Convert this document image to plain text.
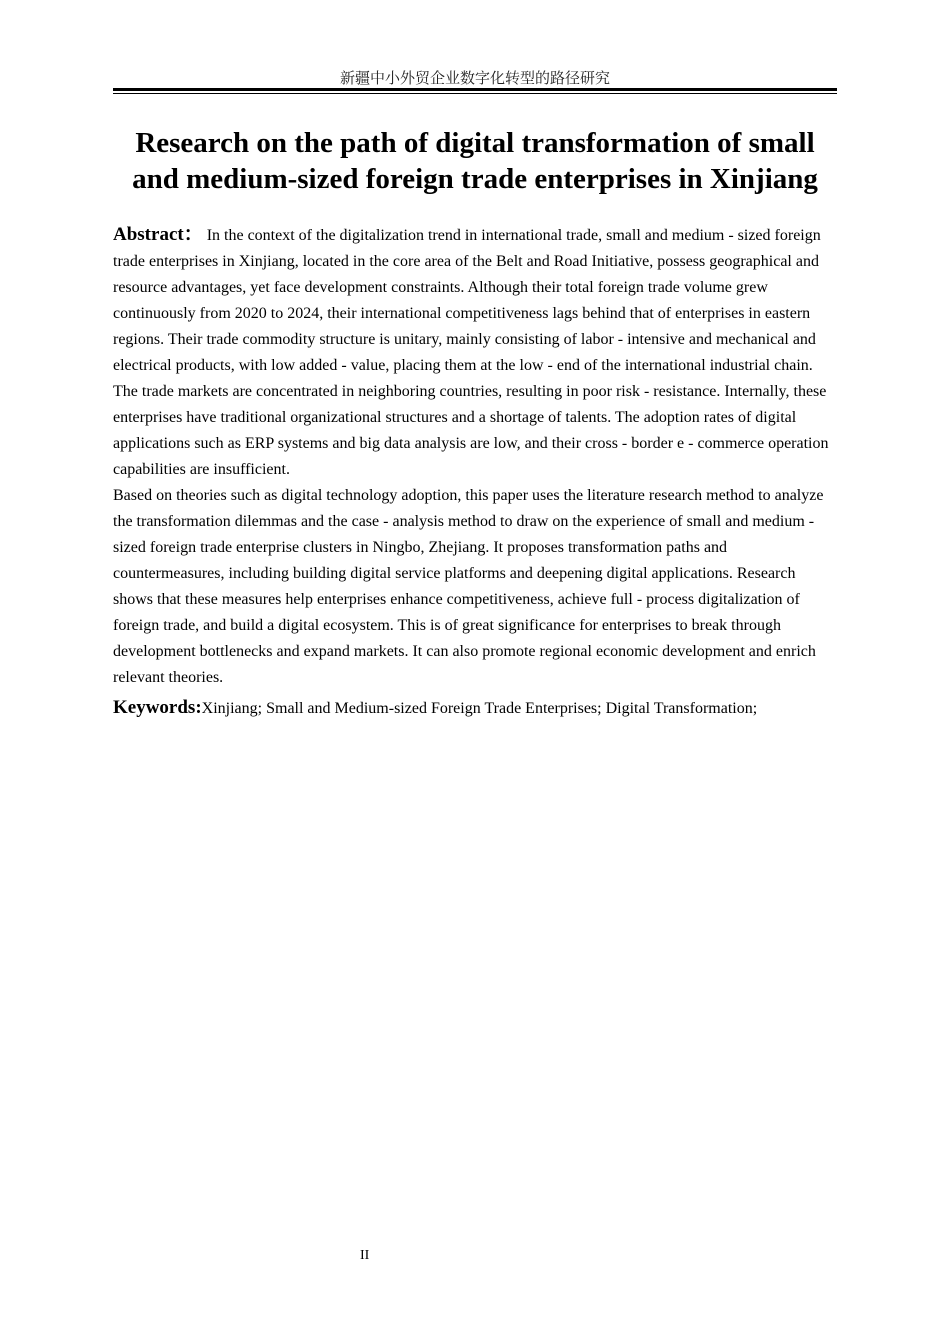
新疆中小外贸企业数字化转型的路径研究
Research on the path of digital transformation of small
and medium-sized foreign trade enterprises in Xinjiang

Abstract： In the context of the digitalization trend in international trade, small and medium - sized foreign trade enterprises in Xinjiang, located in the core area of the Belt and Road Initiative, possess geographical and resource advantages, yet face development constraints. Although their total foreign trade volume grew continuously from 2020 to 2024, their international competitiveness lags behind that of enterprises in eastern regions. Their trade commodity structure is unitary, mainly consisting of labor - intensive and mechanical and electrical products, with low added - value, placing them at the low - end of the international industrial chain. The trade markets are concentrated in neighboring countries, resulting in poor risk - resistance. Internally, these enterprises have traditional organizational structures and a shortage of talents. The adoption rates of digital applications such as ERP systems and big data analysis are low, and their cross - border e - commerce operation capabilities are insufficient.

Based on theories such as digital technology adoption, this paper uses the literature research method to analyze the transformation dilemmas and the case - analysis method to draw on the experience of small and medium - sized foreign trade enterprise clusters in Ningbo, Zhejiang. It proposes transformation paths and countermeasures, including building digital service platforms and deepening digital applications. Research shows that these measures help enterprises enhance competitiveness, achieve full - process digitalization of foreign trade, and build a digital ecosystem. This is of great significance for enterprises to break through development bottlenecks and expand markets. It can also promote regional economic development and enrich relevant theories.

Keywords:Xinjiang; Small and Medium-sized Foreign Trade Enterprises; Digital Transformation;

II
